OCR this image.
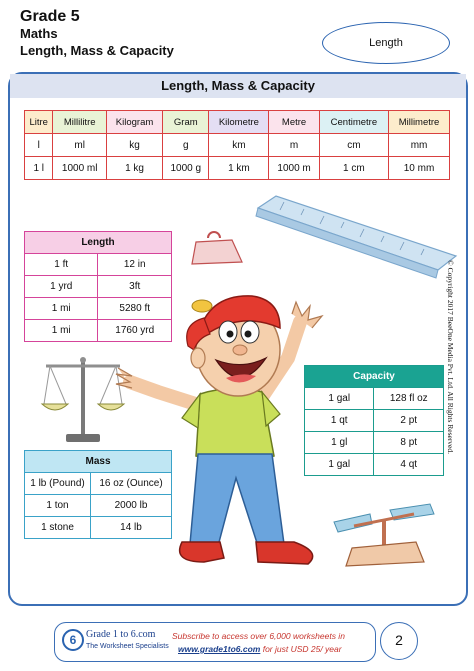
Grade 5
Maths
Length, Mass & Capacity	Length
Length, Mass & Capacity
Litre	Millilitre	Kilogram	Gram	Kilometre	Metre	Centimetre	Millimetre
l	ml	kg	g	km	m	cm	mm
1 l	1000 ml	1 kg	1000 g	1 km	1000 m	1 cm	10 mm
Length	
1 ft	12 in
1 yrd	3ft
1 mi	5280 ft
1 mi	1760 yrd
Mass	
1 lb (Pound)	16 oz (Ounce)
1 ton	2000 lb
1 stone	14 lb
Capacity	
1 gal	128 fl oz
1 qt	2 pt
1 gl	8 pt
1 gal	4 qt
© Copyright 2017 BeeOne Media Pvt. Ltd. All Rights Reserved.
6 Grade 1 to 6.com
The Worksheet Specialists
Subscribe to access over 6,000 worksheets in
www.grade1to6.com for just USD 25/ year
2
